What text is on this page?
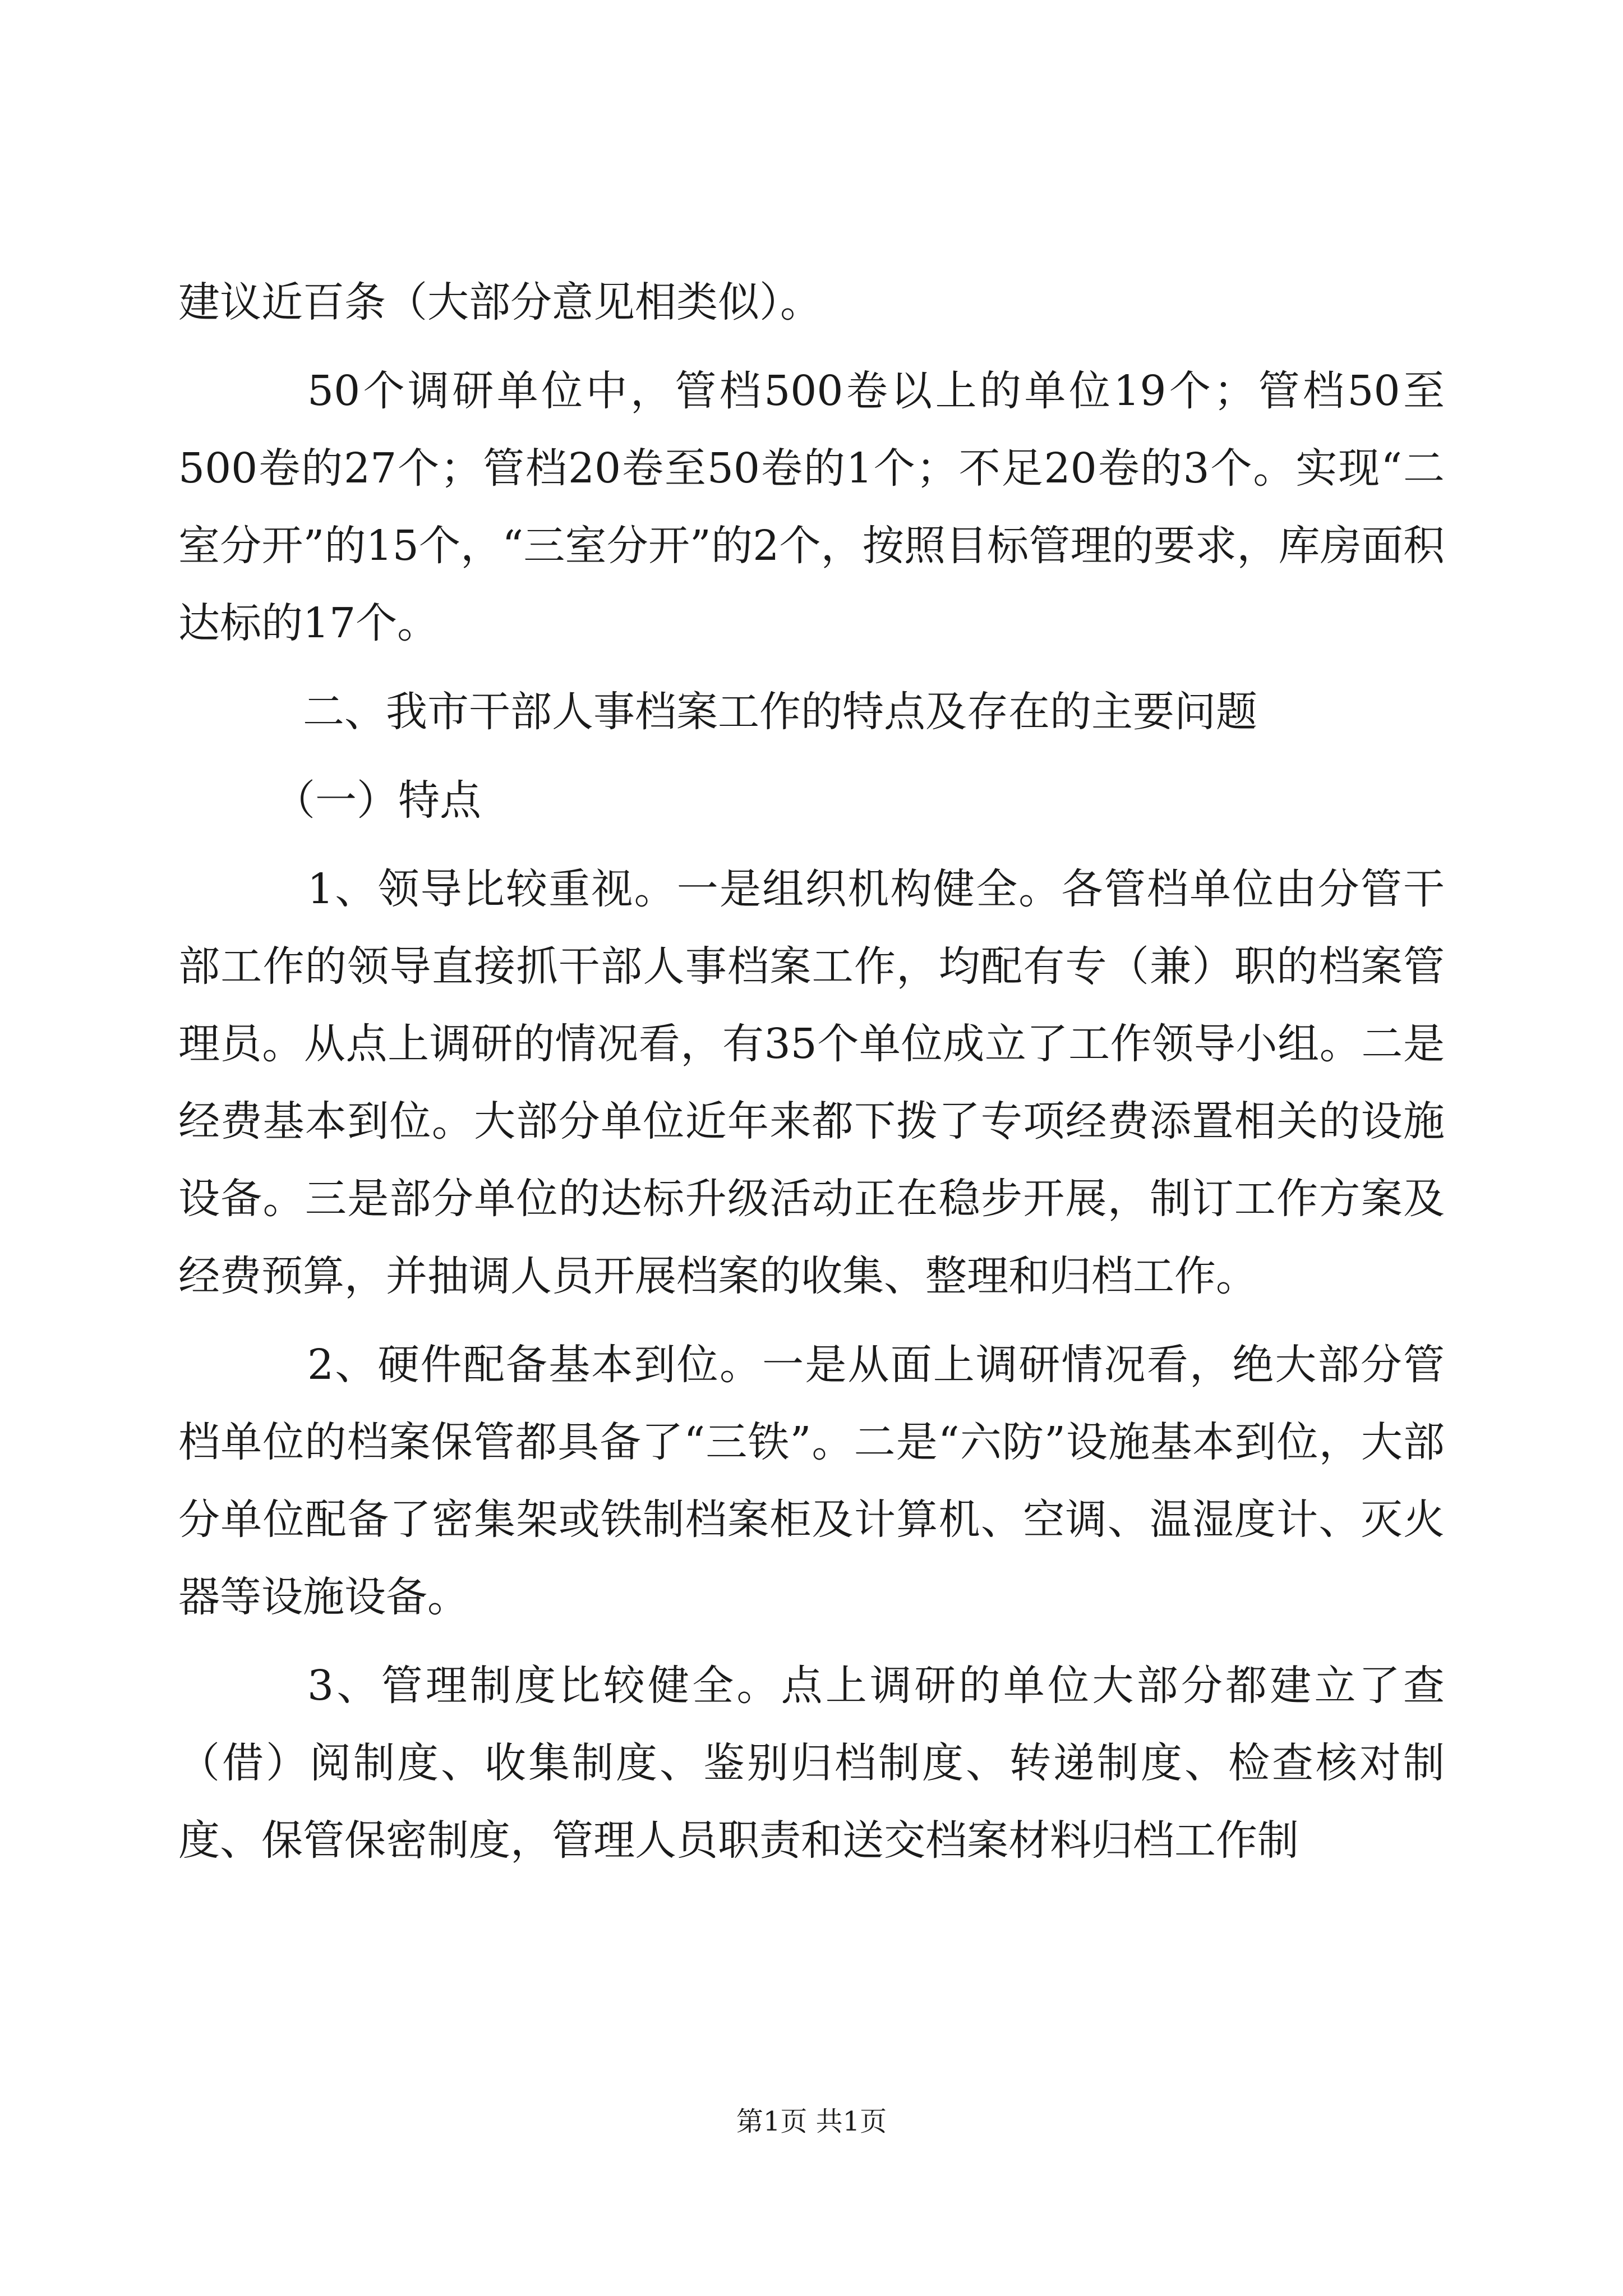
建议近百条（大部分意见相类似）。

50个调研单位中，管档500卷以上的单位19个；管档50至500卷的27个；管档20卷至50卷的1个；不足20卷的3个。实现“二室分开”的15个，“三室分开”的2个，按照目标管理的要求，库房面积达标的17个。

二、我市干部人事档案工作的特点及存在的主要问题

（一）特点

1、领导比较重视。一是组织机构健全。各管档单位由分管干部工作的领导直接抓干部人事档案工作，均配有专（兼）职的档案管理员。从点上调研的情况看，有35个单位成立了工作领导小组。二是经费基本到位。大部分单位近年来都下拨了专项经费添置相关的设施设备。三是部分单位的达标升级活动正在稳步开展，制订工作方案及经费预算，并抽调人员开展档案的收集、整理和归档工作。

2、硬件配备基本到位。一是从面上调研情况看，绝大部分管档单位的档案保管都具备了“三铁”。二是“六防”设施基本到位，大部分单位配备了密集架或铁制档案柜及计算机、空调、温湿度计、灭火器等设施设备。

3、管理制度比较健全。点上调研的单位大部分都建立了查（借）阅制度、收集制度、鉴别归档制度、转递制度、检查核对制度、保管保密制度，管理人员职责和送交档案材料归档工作制

第1页 共1页
